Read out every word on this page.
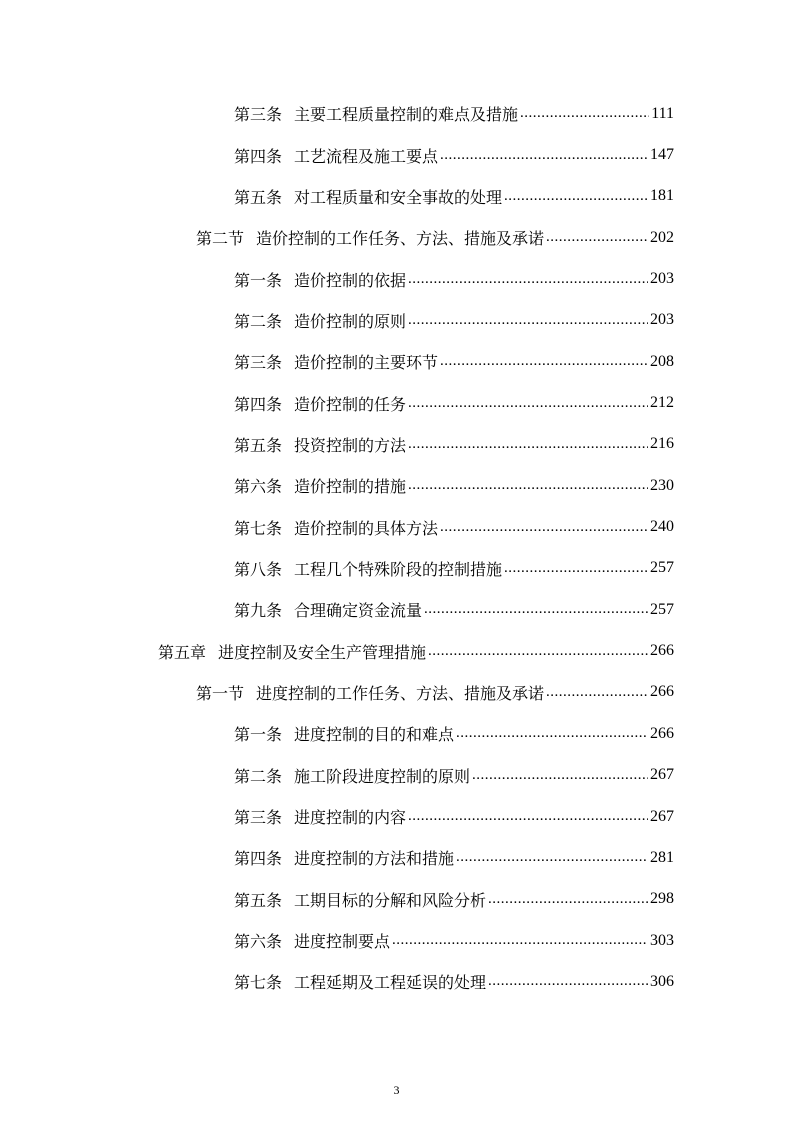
第三条 主要工程质量控制的难点及措施 .....	111
第四条 工艺流程及施工要点 .....	147
第五条 对工程质量和安全事故的处理 .....	181
第二节 造价控制的工作任务、方法、措施及承诺 .....	202
第一条 造价控制的依据 .....	203
第二条 造价控制的原则 .....	203
第三条 造价控制的主要环节 .....	208
第四条 造价控制的任务 .....	212
第五条 投资控制的方法 .....	216
第六条 造价控制的措施 .....	230
第七条 造价控制的具体方法 .....	240
第八条 工程几个特殊阶段的控制措施 .....	257
第九条 合理确定资金流量 .....	257
第五章 进度控制及安全生产管理措施 .....	266
第一节 进度控制的工作任务、方法、措施及承诺 .....	266
第一条 进度控制的目的和难点 .....	266
第二条 施工阶段进度控制的原则 .....	267
第三条 进度控制的内容 .....	267
第四条 进度控制的方法和措施 .....	281
第五条 工期目标的分解和风险分析 .....	298
第六条 进度控制要点 .....	303
第七条 工程延期及工程延误的处理 .....	306
3
